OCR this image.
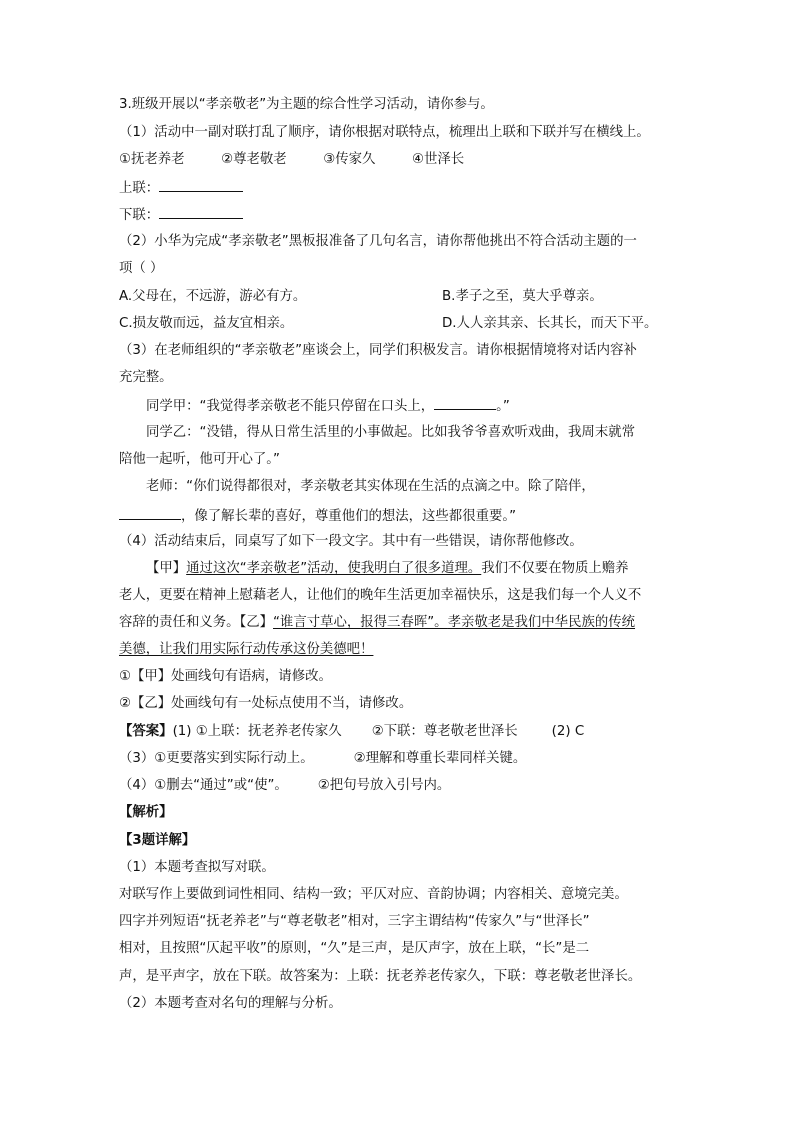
3.班级开展以“孝亲敬老”为主题的综合性学习活动，请你参与。
（1）活动中一副对联打乱了顺序，请你根据对联特点，梳理出上联和下联并写在横线上。
①抚老养老	②尊老敬老	③传家久	④世泽长
上联：
下联：
（2）小华为完成“孝亲敬老”黑板报准备了几句名言，请你帮他挑出不符合活动主题的一
项（ ）
A.父母在，不远游，游必有方。	B.孝子之至，莫大乎尊亲。
C.损友敬而远，益友宜相亲。	D.人人亲其亲、长其长，而天下平。
（3）在老师组织的“孝亲敬老”座谈会上，同学们积极发言。请你根据情境将对话内容补
充完整。
同学甲：“我觉得孝亲敬老不能只停留在口头上，	。”
同学乙：“没错，得从日常生活里的小事做起。比如我爷爷喜欢听戏曲，我周末就常
陪他一起听，他可开心了。”
老师：“你们说得都很对，孝亲敬老其实体现在生活的点滴之中。除了陪伴，
，像了解长辈的喜好，尊重他们的想法，这些都很重要。”
（4）活动结束后，同桌写了如下一段文字。其中有一些错误，请你帮他修改。
【甲】通过这次“孝亲敬老”活动，使我明白了很多道理。我们不仅要在物质上赡养
老人，更要在精神上慰藉老人，让他们的晚年生活更加幸福快乐，这是我们每一个人义不
容辞的责任和义务。【乙】“谁言寸草心，报得三春晖”。孝亲敬老是我们中华民族的传统
美德，让我们用实际行动传承这份美德吧！
①【甲】处画线句有语病，请修改。
②【乙】处画线句有一处标点使用不当，请修改。
【答案】(1) ①上联：抚老养老传家久 ②下联：尊老敬老世泽长	(2) C
（3）①更要落实到实际行动上。	②理解和尊重长辈同样关键。
（4）①删去“通过”或“使”。 ②把句号放入引号内。
【解析】
【3题详解】
（1）本题考查拟写对联。
对联写作上要做到词性相同、结构一致；平仄对应、音韵协调；内容相关、意境完美。
四字并列短语“抚老养老”与“尊老敬老”相对，三字主谓结构“传家久”与“世泽长”
相对，且按照“仄起平收”的原则，“久”是三声，是仄声字，放在上联，“长”是二
声，是平声字，放在下联。故答案为：上联：抚老养老传家久，下联：尊老敬老世泽长。
（2）本题考查对名句的理解与分析。
